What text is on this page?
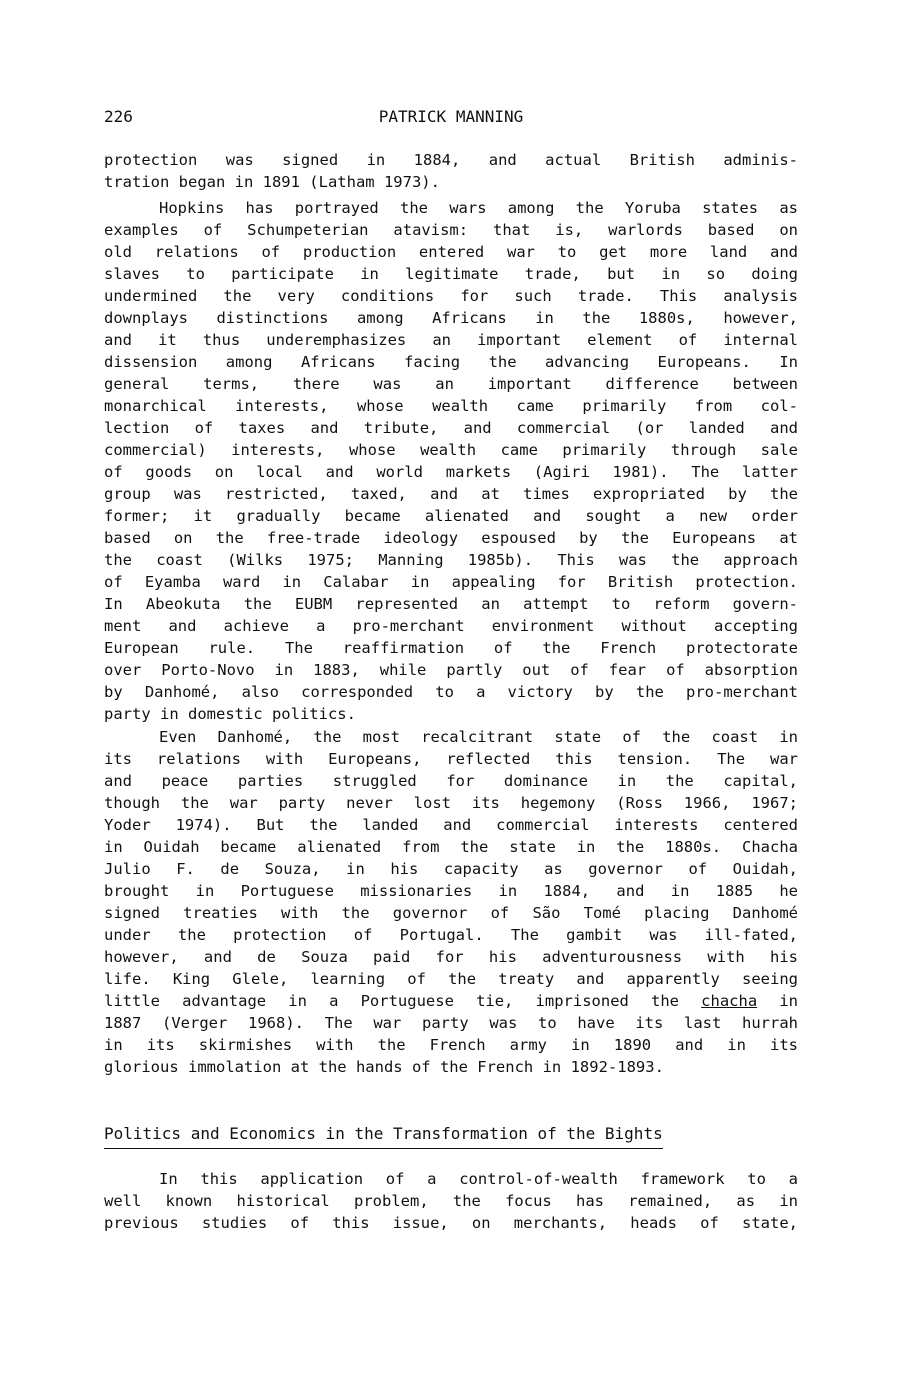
226	PATRICK MANNING
protection was signed in 1884, and actual British adminis-
tration began in 1891 (Latham 1973).
Hopkins has portrayed the wars among the Yoruba states as
examples of Schumpeterian atavism: that is, warlords based on
old relations of production entered war to get more land and
slaves to participate in legitimate trade, but in so doing
undermined the very conditions for such trade. This analysis
downplays distinctions among Africans in the 1880s, however,
and it thus underemphasizes an important element of internal
dissension among Africans facing the advancing Europeans. In
general terms, there was an important difference between
monarchical interests, whose wealth came primarily from col-
lection of taxes and tribute, and commercial (or landed and
commercial) interests, whose wealth came primarily through sale
of goods on local and world markets (Agiri 1981). The latter
group was restricted, taxed, and at times expropriated by the
former; it gradually became alienated and sought a new order
based on the free-trade ideology espoused by the Europeans at
the coast (Wilks 1975; Manning 1985b). This was the approach
of Eyamba ward in Calabar in appealing for British protection.
In Abeokuta the EUBM represented an attempt to reform govern-
ment and achieve a pro-merchant environment without accepting
European rule. The reaffirmation of the French protectorate
over Porto-Novo in 1883, while partly out of fear of absorption
by Danhomé, also corresponded to a victory by the pro-merchant
party in domestic politics.
Even Danhomé, the most recalcitrant state of the coast in
its relations with Europeans, reflected this tension. The war
and peace parties struggled for dominance in the capital,
though the war party never lost its hegemony (Ross 1966, 1967;
Yoder 1974). But the landed and commercial interests centered
in Ouidah became alienated from the state in the 1880s. Chacha
Julio F. de Souza, in his capacity as governor of Ouidah,
brought in Portuguese missionaries in 1884, and in 1885 he
signed treaties with the governor of São Tomé placing Danhomé
under the protection of Portugal. The gambit was ill-fated,
however, and de Souza paid for his adventurousness with his
life. King Glele, learning of the treaty and apparently seeing
little advantage in a Portuguese tie, imprisoned the chacha in
1887 (Verger 1968). The war party was to have its last hurrah
in its skirmishes with the French army in 1890 and in its
glorious immolation at the hands of the French in 1892-1893.
Politics and Economics in the Transformation of the Bights
In this application of a control-of-wealth framework to a
well known historical problem, the focus has remained, as in
previous studies of this issue, on merchants, heads of state,
